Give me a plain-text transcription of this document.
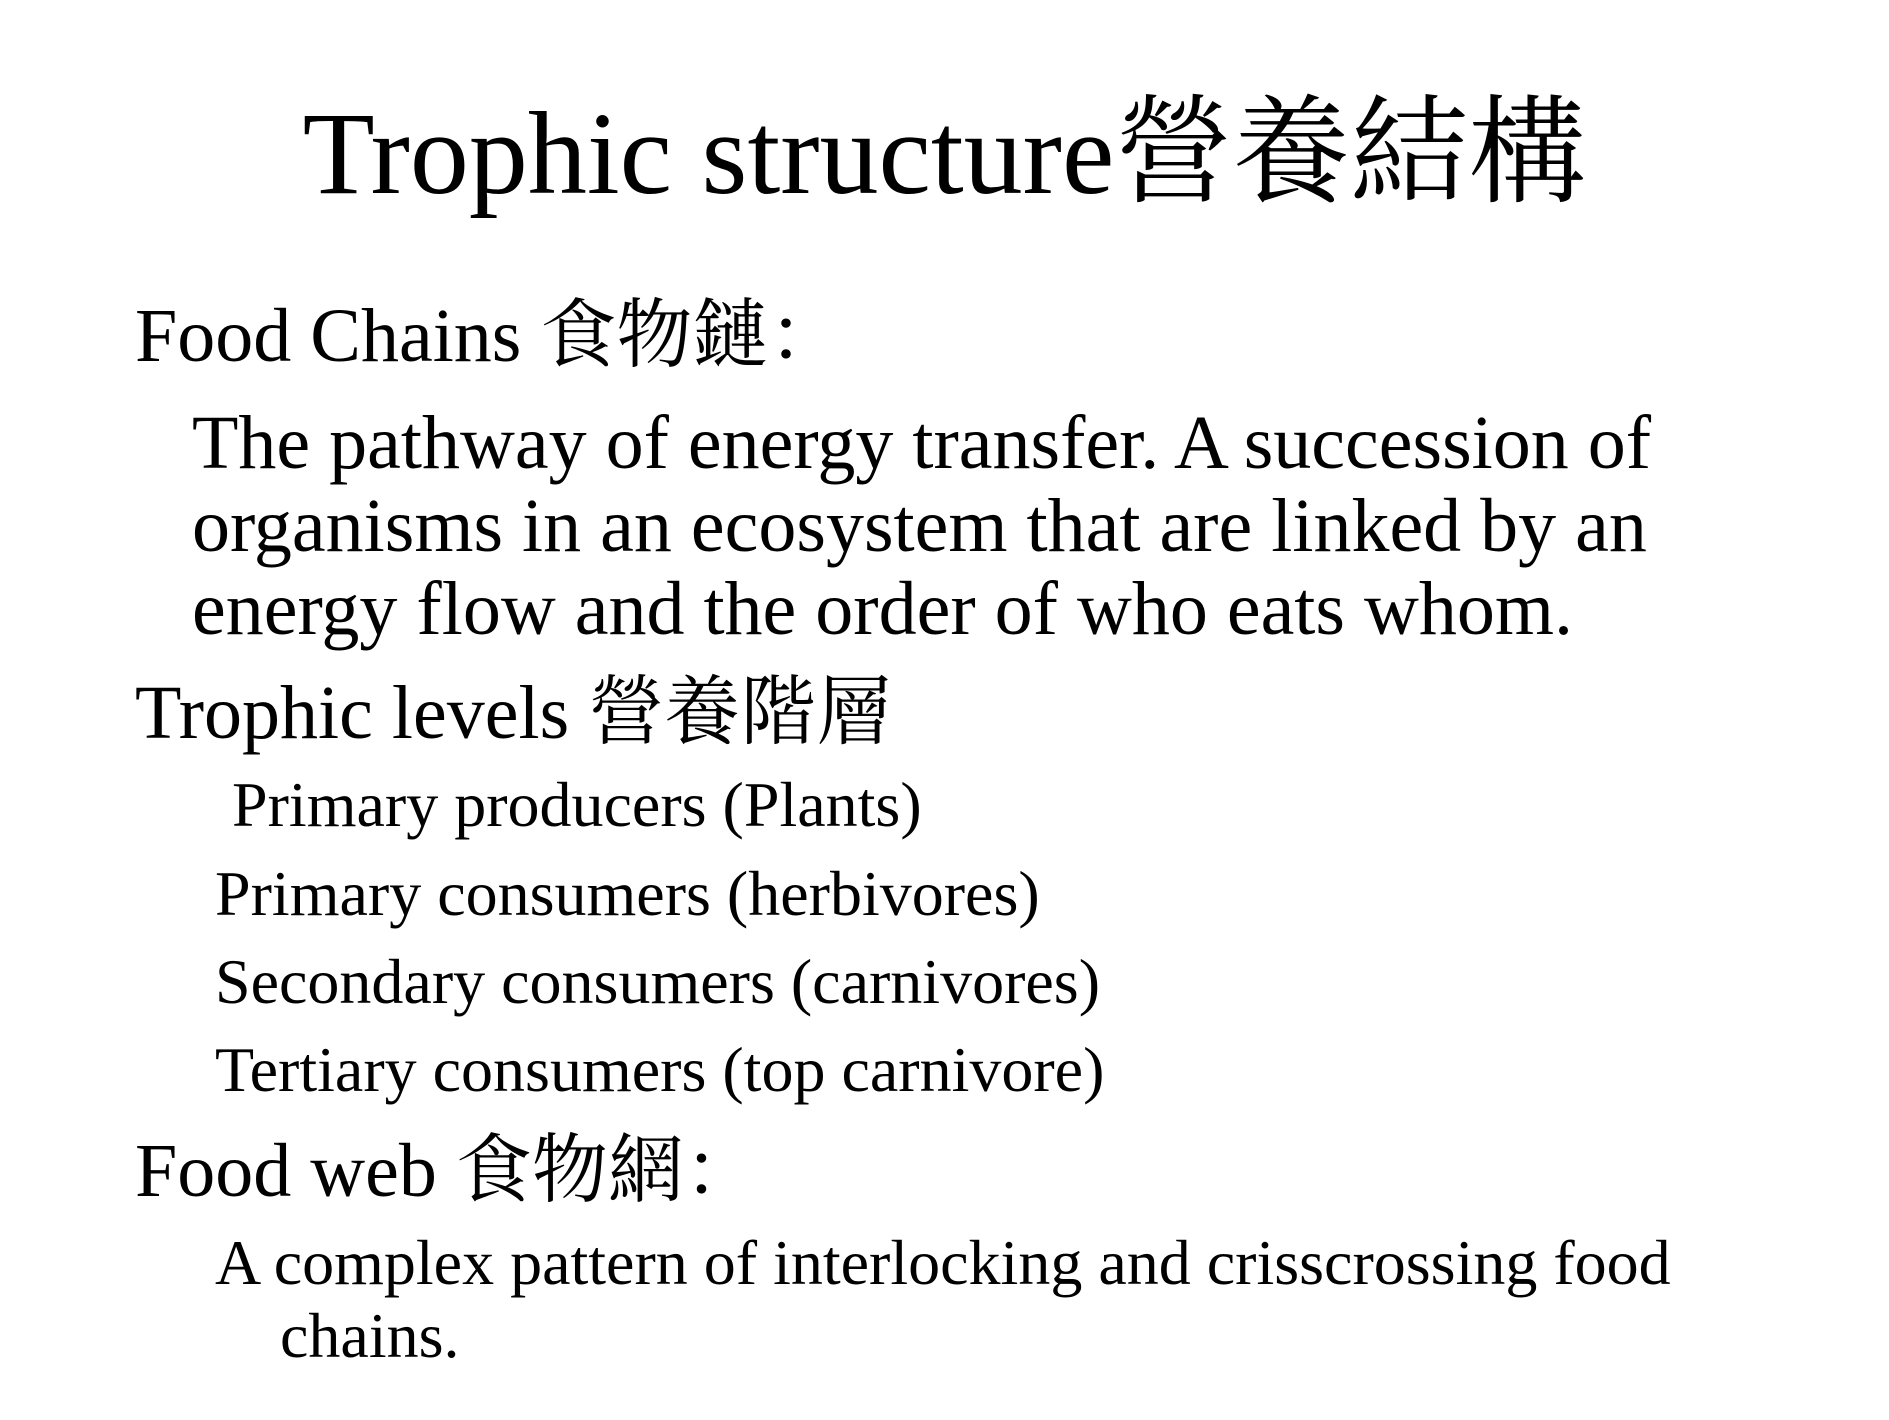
Trophic structure營養結構
Food Chains 食物鏈：
The pathway of energy transfer. A succession of
organisms in an ecosystem that are linked by an
energy flow and the order of who eats whom.
Trophic levels 營養階層
Primary producers (Plants)
Primary consumers (herbivores)
Secondary consumers (carnivores)
Tertiary consumers (top carnivore)
Food web 食物網：
A complex pattern of interlocking and crisscrossing food
chains.
